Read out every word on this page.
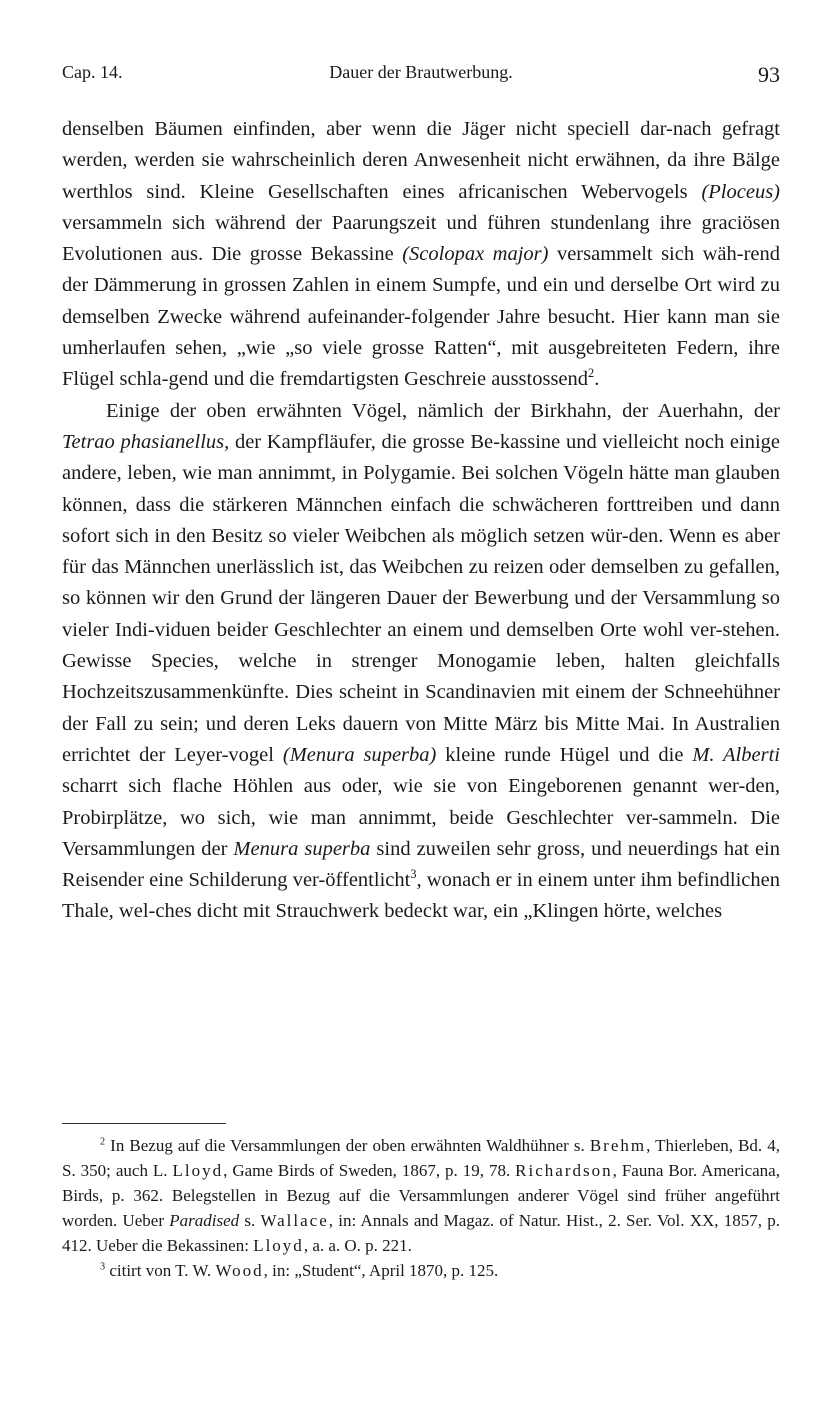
Cap. 14.	Dauer der Brautwerbung.	93

denselben Bäumen einfinden, aber wenn die Jäger nicht speciell dar-nach gefragt werden, werden sie wahrscheinlich deren Anwesenheit nicht erwähnen, da ihre Bälge werthlos sind. Kleine Gesellschaften eines africanischen Webervogels (Ploceus) versammeln sich während der Paarungszeit und führen stundenlang ihre graciösen Evolutionen aus. Die grosse Bekassine (Scolopax major) versammelt sich wäh-rend der Dämmerung in grossen Zahlen in einem Sumpfe, und ein und derselbe Ort wird zu demselben Zwecke während aufeinander-folgender Jahre besucht. Hier kann man sie umherlaufen sehen, „wie „so viele grosse Ratten“, mit ausgebreiteten Federn, ihre Flügel schla-gend und die fremdartigsten Geschreie ausstossend$^2$.

Einige der oben erwähnten Vögel, nämlich der Birkhahn, der Auerhahn, der Tetrao phasianellus, der Kampfläufer, die grosse Be-kassine und vielleicht noch einige andere, leben, wie man annimmt, in Polygamie. Bei solchen Vögeln hätte man glauben können, dass die stärkeren Männchen einfach die schwächeren forttreiben und dann sofort sich in den Besitz so vieler Weibchen als möglich setzen wür-den. Wenn es aber für das Männchen unerlässlich ist, das Weibchen zu reizen oder demselben zu gefallen, so können wir den Grund der längeren Dauer der Bewerbung und der Versammlung so vieler Indi-viduen beider Geschlechter an einem und demselben Orte wohl ver-stehen. Gewisse Species, welche in strenger Monogamie leben, halten gleichfalls Hochzeitszusammenkünfte. Dies scheint in Scandinavien mit einem der Schneehühner der Fall zu sein; und deren Leks dauern von Mitte März bis Mitte Mai. In Australien errichtet der Leyer-vogel (Menura superba) kleine runde Hügel und die M. Alberti scharrt sich flache Höhlen aus oder, wie sie von Eingeborenen genannt wer-den, Probirplätze, wo sich, wie man annimmt, beide Geschlechter ver-sammeln. Die Versammlungen der Menura superba sind zuweilen sehr gross, und neuerdings hat ein Reisender eine Schilderung ver-öffentlicht$^3$, wonach er in einem unter ihm befindlichen Thale, wel-ches dicht mit Strauchwerk bedeckt war, ein „Klingen hörte, welches

$^2$ In Bezug auf die Versammlungen der oben erwähnten Waldhühner s. Brehm, Thierleben, Bd. 4, S. 350; auch L. Lloyd, Game Birds of Sweden, 1867, p. 19, 78. Richardson, Fauna Bor. Americana, Birds, p. 362. Belegstellen in Bezug auf die Versammlungen anderer Vögel sind früher angeführt worden. Ueber Paradised s. Wallace, in: Annals and Magaz. of Natur. Hist., 2. Ser. Vol. XX, 1857, p. 412. Ueber die Bekassinen: Lloyd, a. a. O. p. 221.

$^3$ citirt von T. W. Wood, in: „Student“, April 1870, p. 125.
